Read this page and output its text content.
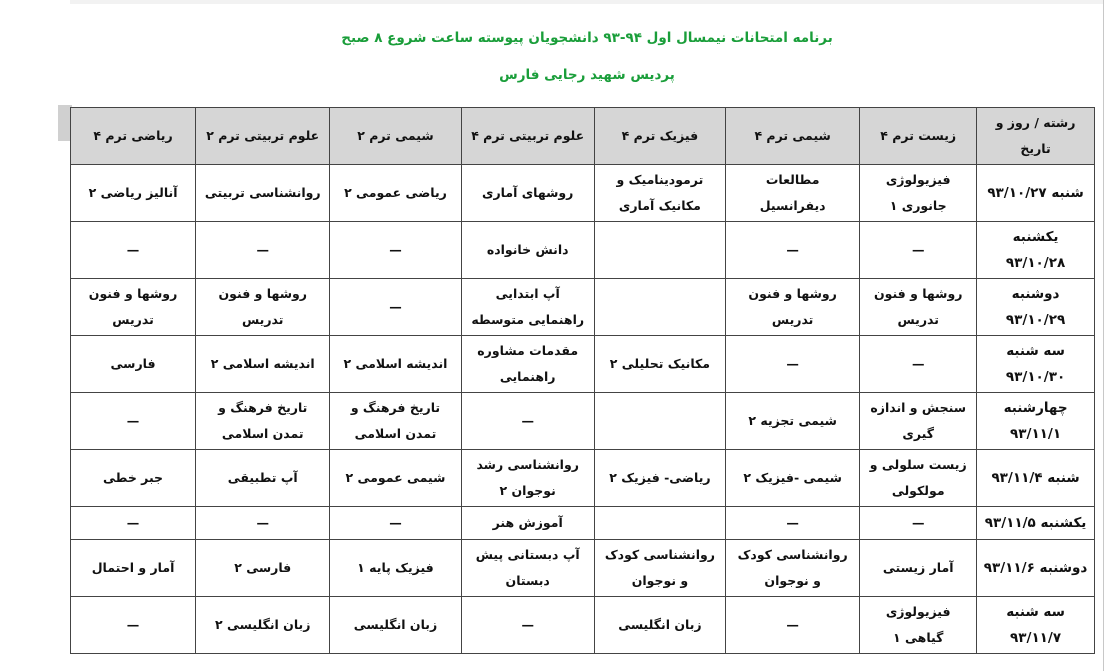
برنامه امتحانات نیمسال اول ۹۴-۹۳ دانشجویان پیوسته ساعت شروع ۸ صبح
پردیس شهید رجایی فارس
رشته / روز و تاریخ	زیست ترم ۴	شیمی ترم ۴	فیزیک ترم ۴	علوم تربیتی ترم ۴	شیمی ترم ۲	علوم تربیتی ترم ۲	ریاضی ترم ۴
شنبه ۹۳/۱۰/۲۷	فیزیولوژی جانوری ۱	مطالعات دیفرانسیل	ترمودینامیک و مکانیک آماری	روشهای آماری	ریاضی عمومی ۲	روانشناسی تربیتی	آنالیز ریاضی ۲
یکشنبه ۹۳/۱۰/۲۸	—	—		دانش خانواده	—	—	—
دوشنبه ۹۳/۱۰/۲۹	روشها و فنون تدریس	روشها و فنون تدریس		آپ ابتدایی راهنمایی متوسطه	—	روشها و فنون تدریس	روشها و فنون تدریس
سه شنبه ۹۳/۱۰/۳۰	—	—	مکانیک تحلیلی ۲	مقدمات مشاوره راهنمایی	اندیشه اسلامی ۲	اندیشه اسلامی ۲	فارسی
چهارشنبه ۹۳/۱۱/۱	سنجش و اندازه گیری	شیمی تجزیه ۲		—	تاریخ فرهنگ و تمدن اسلامی	تاریخ فرهنگ و تمدن اسلامی	—
شنبه ۹۳/۱۱/۴	زیست سلولی و مولکولی	شیمی -فیزیک ۲	ریاضی- فیزیک ۲	روانشناسی رشد نوجوان ۲	شیمی عمومی ۲	آپ تطبیقی	جبر خطی
یکشنبه ۹۳/۱۱/۵	—	—		آموزش هنر	—	—	—
دوشنبه ۹۳/۱۱/۶	آمار زیستی	روانشناسی کودک و نوجوان	روانشناسی کودک و نوجوان	آپ دبستانی پیش دبستان	فیزیک پایه ۱	فارسی ۲	آمار و احتمال
سه شنبه ۹۳/۱۱/۷	فیزیولوژی گیاهی ۱	—	زبان انگلیسی	—	زبان انگلیسی	زبان انگلیسی ۲	—
